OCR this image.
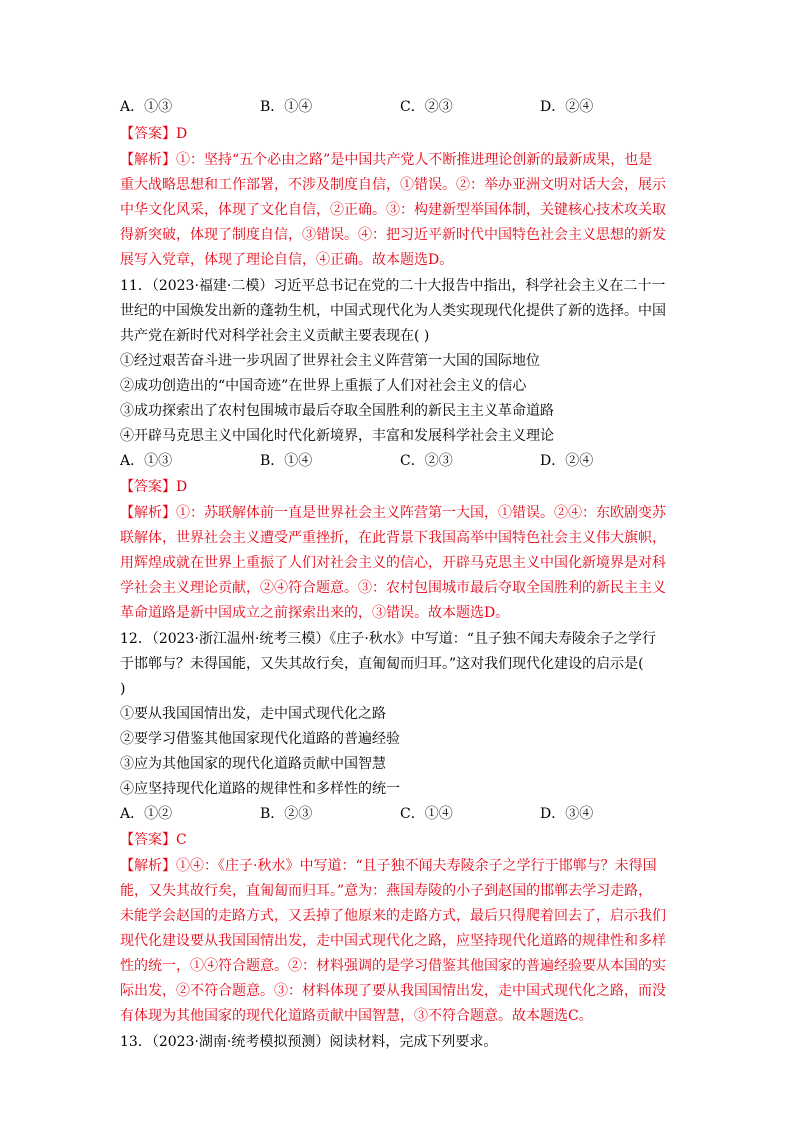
A．①③	B．①④	C．②③	D．②④
【答案】D
【解析】①：坚持“五个必由之路”是中国共产党人不断推进理论创新的最新成果，也是
重大战略思想和工作部署，不涉及制度自信，①错误。②：举办亚洲文明对话大会，展示
中华文化风采，体现了文化自信，②正确。③：构建新型举国体制，关键核心技术攻关取
得新突破，体现了制度自信，③错误。④：把习近平新时代中国特色社会主义思想的新发
展写入党章，体现了理论自信，④正确。故本题选D。
11．（2023·福建·二模）习近平总书记在党的二十大报告中指出，科学社会主义在二十一
世纪的中国焕发出新的蓬勃生机，中国式现代化为人类实现现代化提供了新的选择。中国
共产党在新时代对科学社会主义贡献主要表现在( )
①经过艰苦奋斗进一步巩固了世界社会主义阵营第一大国的国际地位
②成功创造出的“中国奇迹”在世界上重振了人们对社会主义的信心
③成功探索出了农村包围城市最后夺取全国胜利的新民主主义革命道路
④开辟马克思主义中国化时代化新境界，丰富和发展科学社会主义理论
A．①③	B．①④	C．②③	D．②④
【答案】D
【解析】①：苏联解体前一直是世界社会主义阵营第一大国，①错误。②④：东欧剧变苏
联解体，世界社会主义遭受严重挫折，在此背景下我国高举中国特色社会主义伟大旗帜，
用辉煌成就在世界上重振了人们对社会主义的信心，开辟马克思主义中国化新境界是对科
学社会主义理论贡献，②④符合题意。③：农村包围城市最后夺取全国胜利的新民主主义
革命道路是新中国成立之前探索出来的，③错误。故本题选D。
12．（2023·浙江温州·统考三模）《庄子·秋水》中写道：“且子独不闻夫寿陵余子之学行
于邯郸与？未得国能，又失其故行矣，直匍匐而归耳。”这对我们现代化建设的启示是(
)
①要从我国国情出发，走中国式现代化之路
②要学习借鉴其他国家现代化道路的普遍经验
③应为其他国家的现代化道路贡献中国智慧
④应坚持现代化道路的规律性和多样性的统一
A．①②	B．②③	C．①④	D．③④
【答案】C
【解析】①④：《庄子·秋水》中写道：“且子独不闻夫寿陵余子之学行于邯郸与？未得国
能，又失其故行矣，直匍匐而归耳。”意为：燕国寿陵的小子到赵国的邯郸去学习走路，
未能学会赵国的走路方式，又丢掉了他原来的走路方式，最后只得爬着回去了，启示我们
现代化建设要从我国国情出发，走中国式现代化之路，应坚持现代化道路的规律性和多样
性的统一，①④符合题意。②：材料强调的是学习借鉴其他国家的普遍经验要从本国的实
际出发，②不符合题意。③：材料体现了要从我国国情出发，走中国式现代化之路，而没
有体现为其他国家的现代化道路贡献中国智慧，③不符合题意。故本题选C。
13．（2023·湖南·统考模拟预测）阅读材料，完成下列要求。
